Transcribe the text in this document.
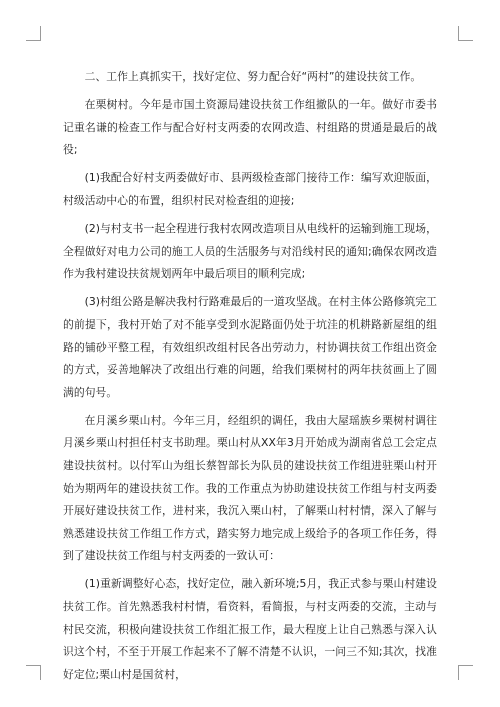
二、工作上真抓实干，找好定位、努力配合好“两村”的建设扶贫工作。

在栗树村。今年是市国土资源局建设扶贫工作组撤队的一年。做好市委书记重名谦的检查工作与配合好村支两委的农网改造、村组路的贯通是最后的战役;

(1)我配合好村支两委做好市、县两级检查部门接待工作：编写欢迎版面，村级活动中心的布置，组织村民对检查组的迎接;

(2)与村支书一起全程进行我村农网改造项目从电线杆的运输到施工现场，全程做好对电力公司的施工人员的生活服务与对沿线村民的通知;确保农网改造作为我村建设扶贫规划两年中最后项目的顺利完成;

(3)村组公路是解决我村行路难最后的一道攻坚战。在村主体公路修筑完工的前提下，我村开始了对不能享受到水泥路面仍处于坑洼的机耕路新屋组的组路的铺砂平整工程，有效组织改组村民各出劳动力，村协调扶贫工作组出资金的方式，妥善地解决了改组出行难的问题，给我们栗树村的两年扶贫画上了圆满的句号。

在月溪乡栗山村。今年三月，经组织的调任，我由大屋瑶族乡栗树村调往月溪乡栗山村担任村支书助理。栗山村从XX年3月开始成为湖南省总工会定点建设扶贫村。以付军山为组长蔡智部长为队员的建设扶贫工作组进驻栗山村开始为期两年的建设扶贫工作。我的工作重点为协助建设扶贫工作组与村支两委开展好建设扶贫工作，进村来，我沉入栗山村，了解栗山村村情，深入了解与熟悉建设扶贫工作组工作方式，踏实努力地完成上级给予的各项工作任务，得到了建设扶贫工作组与村支两委的一致认可：

(1)重新调整好心态，找好定位，融入新环境;5月，我正式参与栗山村建设扶贫工作。首先熟悉我村村情，看资料，看简报，与村支两委的交流，主动与村民交流，积极向建设扶贫工作组汇报工作，最大程度上让自己熟悉与深入认识这个村，不至于开展工作起来不了解不清楚不认识，一问三不知;其次，找准好定位;栗山村是国贫村，
